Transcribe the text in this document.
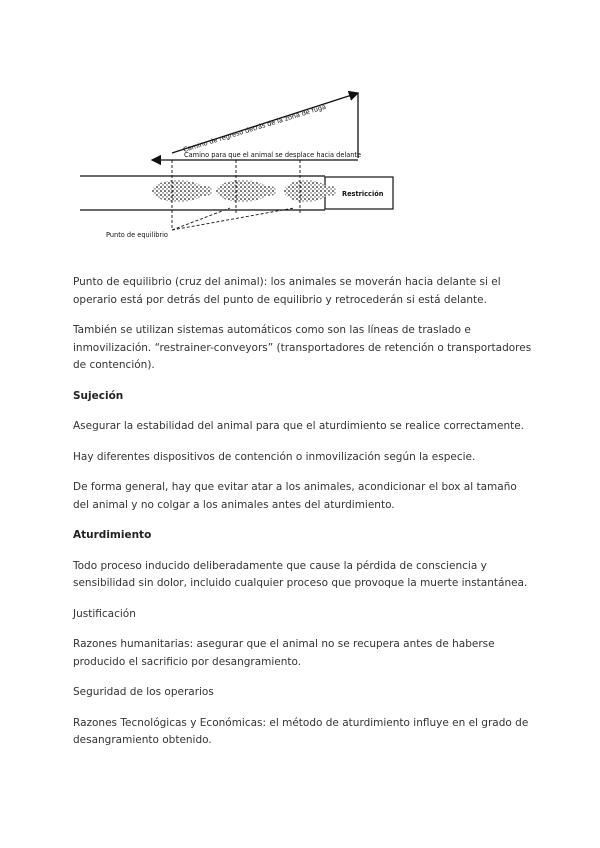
Restricción
Camino de regreso detrás de la zona de fuga
Camino para que el animal se desplace hacia delante
Punto de equilibrio

Punto de equilibrio (cruz del animal): los animales se moverán hacia delante si el operario está por detrás del punto de equilibrio y retrocederán si está delante.

También se utilizan sistemas automáticos como son las líneas de traslado e inmovilización. “restrainer-conveyors” (transportadores de retención o transportadores de contención).

Sujeción

Asegurar la estabilidad del animal para que el aturdimiento se realice correctamente.

Hay diferentes dispositivos de contención o inmovilización según la especie.

De forma general, hay que evitar atar a los animales, acondicionar el box al tamaño del animal y no colgar a los animales antes del aturdimiento.

Aturdimiento

Todo proceso inducido deliberadamente que cause la pérdida de consciencia y sensibilidad sin dolor, incluido cualquier proceso que provoque la muerte instantánea.

Justificación

Razones humanitarias: asegurar que el animal no se recupera antes de haberse producido el sacrificio por desangramiento.

Seguridad de los operarios

Razones Tecnológicas y Económicas: el método de aturdimiento influye en el grado de desangramiento obtenido.
